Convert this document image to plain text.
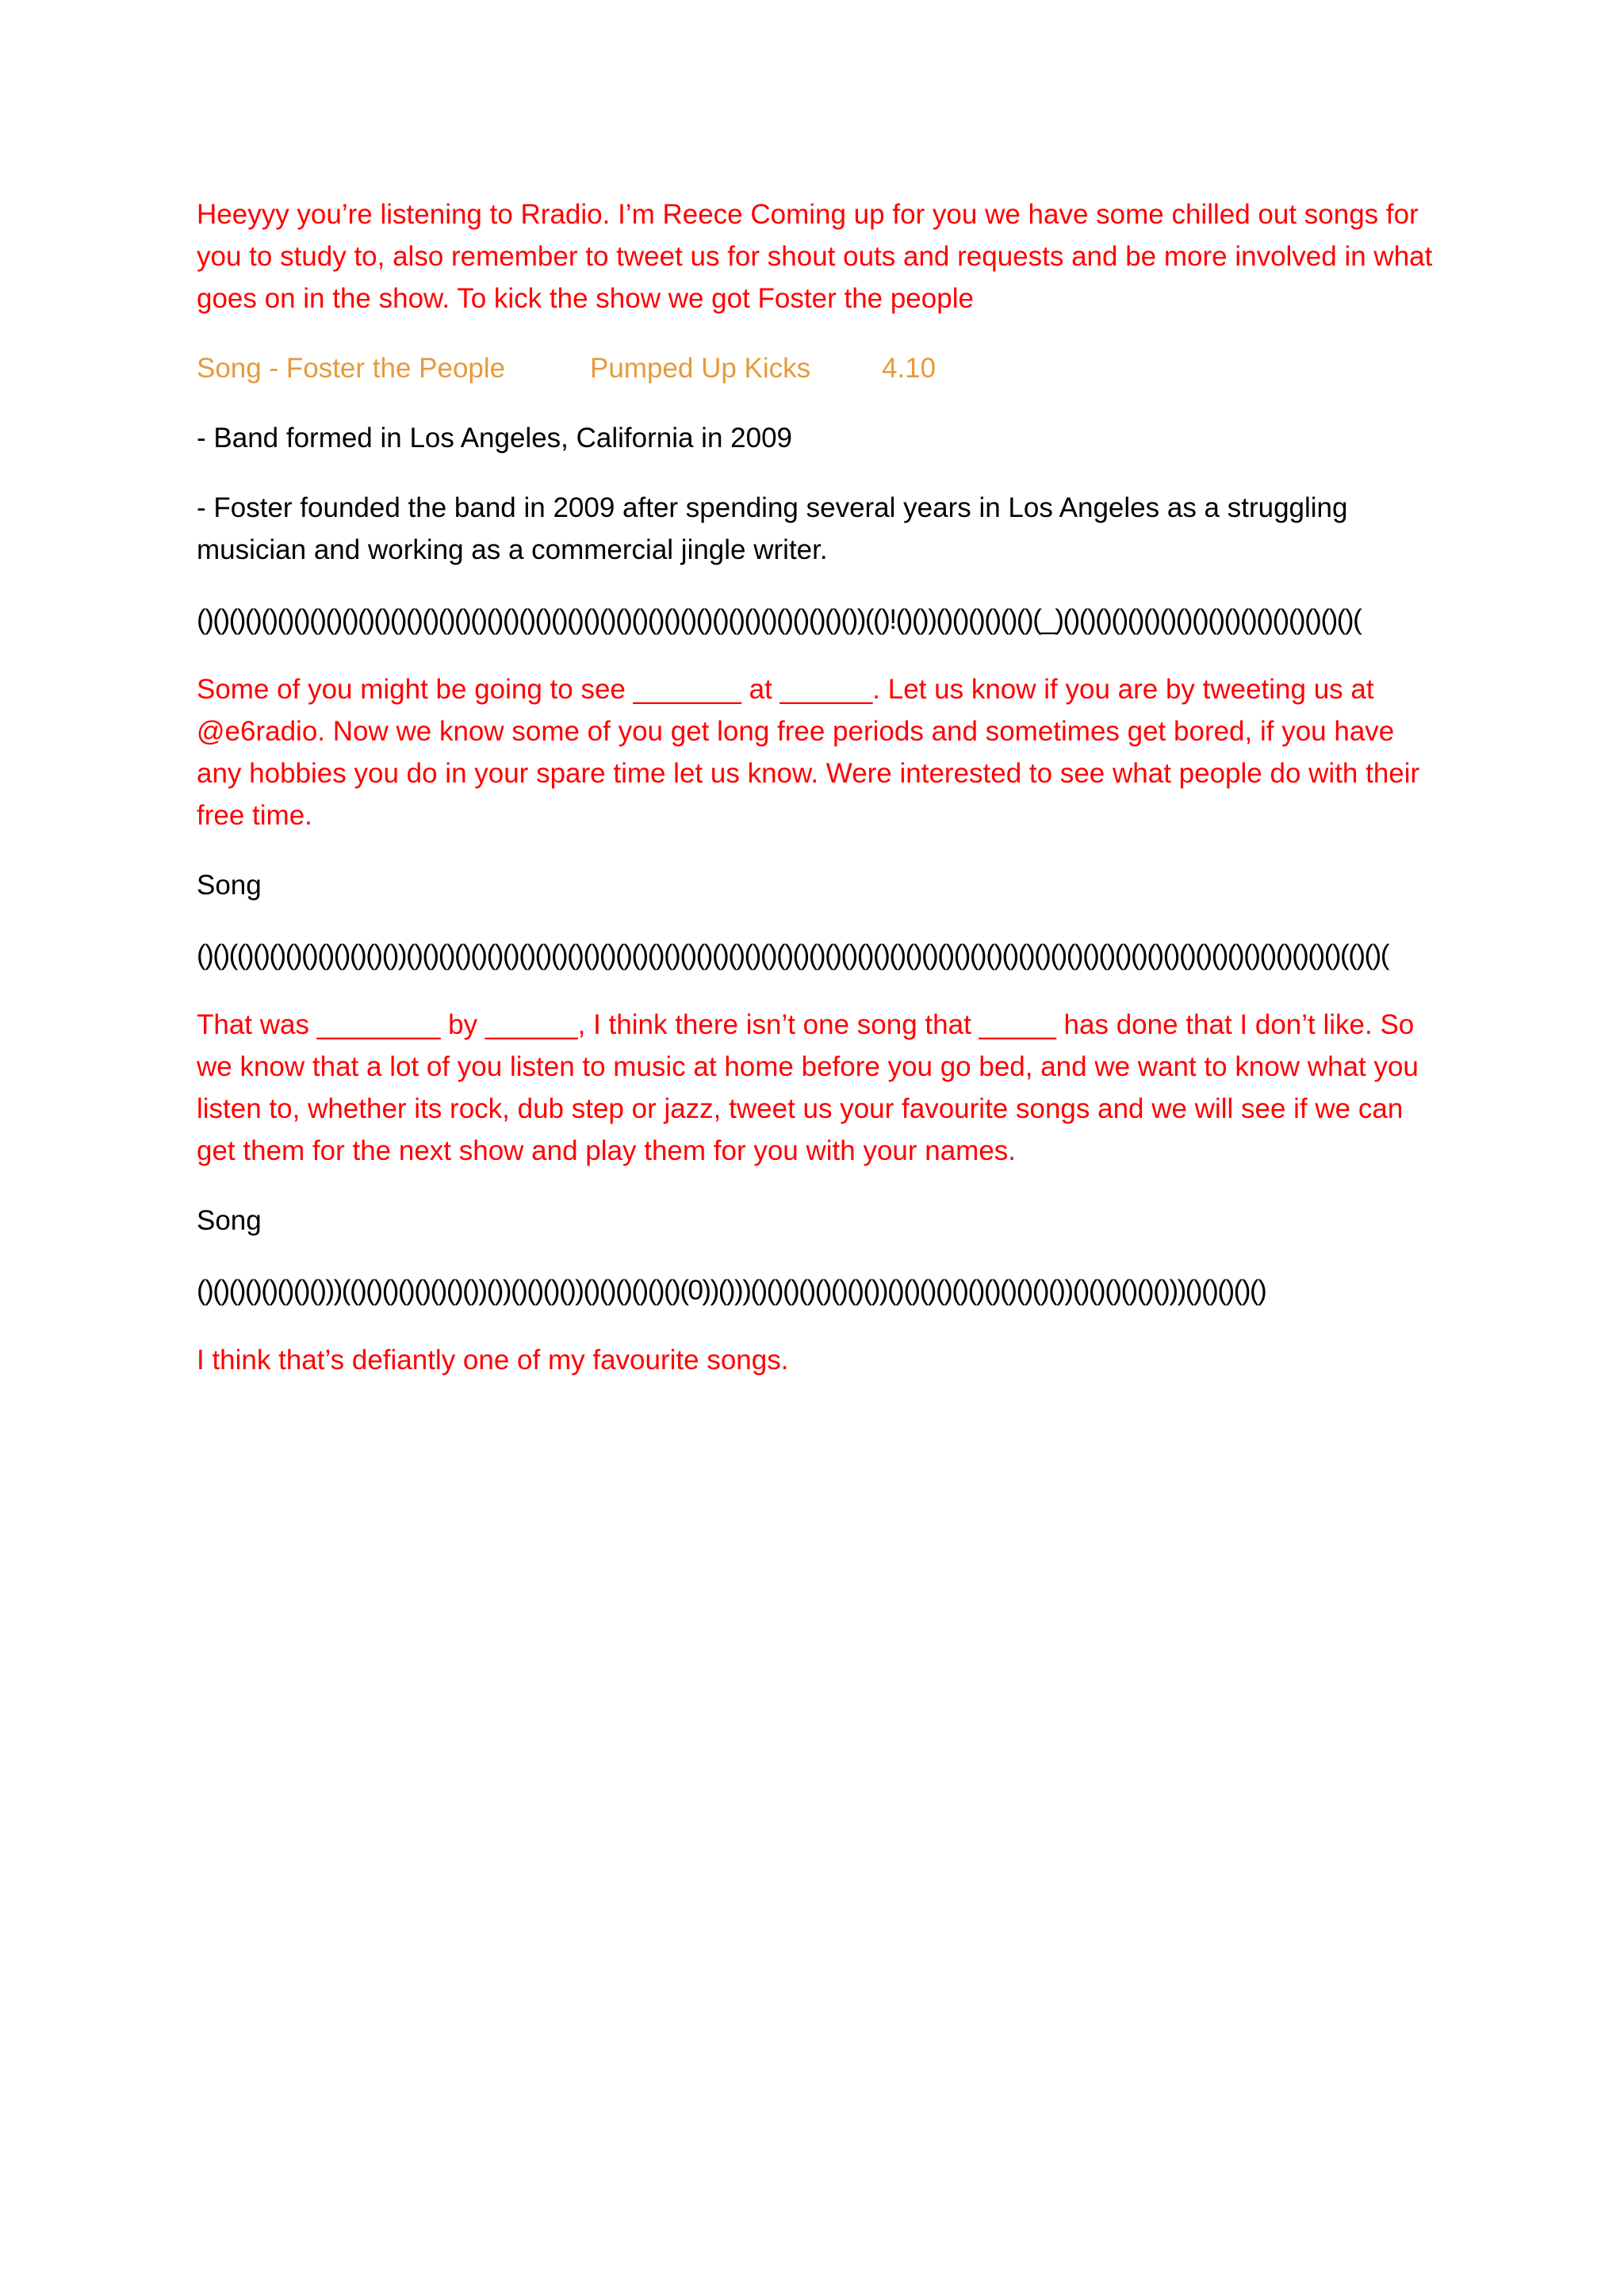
Heeyyy you’re listening to Rradio. I’m Reece Coming up for you we have some chilled out songs for you to study to, also remember to tweet us for shout outs and requests and be more involved in what goes on in the show. To kick the show we got Foster the people

Song - Foster the People	Pumped Up Kicks	4.10

- Band formed in Los Angeles, California in 2009

- Foster founded the band in 2009 after spending several years in Los Angeles as a struggling musician and working as a commercial jingle writer.

()()()()()()()()()()()()()()()()()()()()()()()()()()()()()()()()()()()()()()()()())(()!()())()()()()()()(_)()()()()()()()()()()()()()()()()()()(

Some of you might be going to see _______ at ______. Let us know if you are by tweeting us at @e6radio. Now we know some of you get long free periods and sometimes get bored, if you have any hobbies you do in your spare time let us know. Were interested to see what people do with their free time.

Song

()()(()()()()()()()()()())()()()()()()()()()()()()()()()()()()()()()()()()()()()()()()()()()()()()()()()()()()()()()()()()()()()()()()()()()()(()()(

That was ________ by ______, I think there isn’t one song that _____ has done that I don’t like. So we know that a lot of you listen to music at home before you go bed, and we want to know what you listen to, whether its rock, dub step or jazz, tweet us your favourite songs and we will see if we can get them for the next show and play them for you with your names.

Song

()()()()()()()()))(()()()()()()()())())()()()())()()()()()()(0))()))()()()()()()()())()()()()()()()()()()())()()()()()()))()()()()()

I think that’s defiantly one of my favourite songs.
